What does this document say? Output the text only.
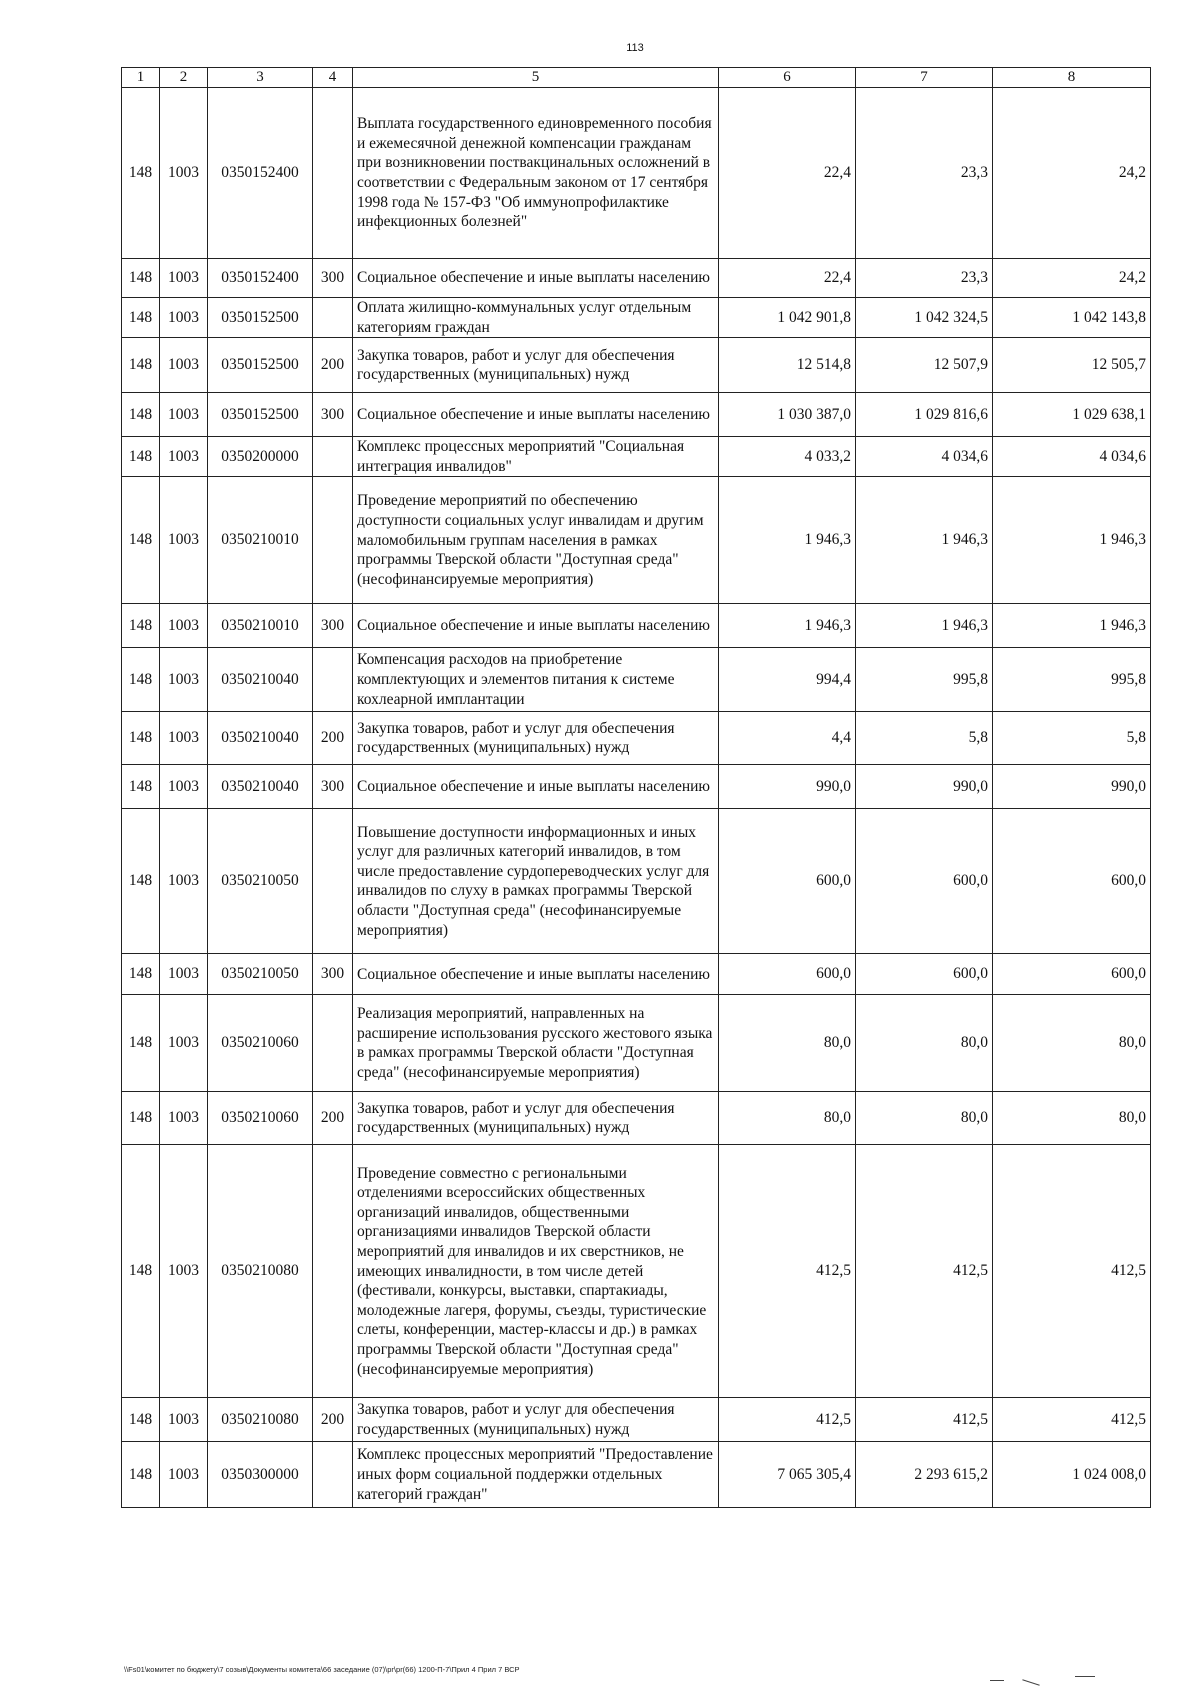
113
1	2	3	4	5	6	7	8
148	1003	0350152400		Выплата государственного единовременного пособия и ежемесячной денежной компенсации гражданам при возникновении поствакцинальных осложнений в соответствии с Федеральным законом от 17 сентября 1998 года № 157-ФЗ "Об иммунопрофилактике инфекционных болезней"	22,4	23,3	24,2
148	1003	0350152400	300	Социальное обеспечение и иные выплаты населению	22,4	23,3	24,2
148	1003	0350152500		Оплата жилищно-коммунальных услуг отдельным категориям граждан	1 042 901,8	1 042 324,5	1 042 143,8
148	1003	0350152500	200	Закупка товаров, работ и услуг для обеспечения государственных (муниципальных) нужд	12 514,8	12 507,9	12 505,7
148	1003	0350152500	300	Социальное обеспечение и иные выплаты населению	1 030 387,0	1 029 816,6	1 029 638,1
148	1003	0350200000		Комплекс процессных мероприятий "Социальная интеграция инвалидов"	4 033,2	4 034,6	4 034,6
148	1003	0350210010		Проведение мероприятий по обеспечению доступности социальных услуг инвалидам и другим маломобильным группам населения в рамках программы Тверской области "Доступная среда" (несофинансируемые мероприятия)	1 946,3	1 946,3	1 946,3
148	1003	0350210010	300	Социальное обеспечение и иные выплаты населению	1 946,3	1 946,3	1 946,3
148	1003	0350210040		Компенсация расходов на приобретение комплектующих и элементов питания к системе кохлеарной имплантации	994,4	995,8	995,8
148	1003	0350210040	200	Закупка товаров, работ и услуг для обеспечения государственных (муниципальных) нужд	4,4	5,8	5,8
148	1003	0350210040	300	Социальное обеспечение и иные выплаты населению	990,0	990,0	990,0
148	1003	0350210050		Повышение доступности информационных и иных услуг для различных категорий инвалидов, в том числе предоставление сурдопереводческих услуг для инвалидов по слуху в рамках программы Тверской области "Доступная среда" (несофинансируемые мероприятия)	600,0	600,0	600,0
148	1003	0350210050	300	Социальное обеспечение и иные выплаты населению	600,0	600,0	600,0
148	1003	0350210060		Реализация мероприятий, направленных на расширение использования русского жестового языка в рамках программы Тверской области "Доступная среда" (несофинансируемые мероприятия)	80,0	80,0	80,0
148	1003	0350210060	200	Закупка товаров, работ и услуг для обеспечения государственных (муниципальных) нужд	80,0	80,0	80,0
148	1003	0350210080		Проведение совместно с региональными отделениями всероссийских общественных организаций инвалидов, общественными организациями инвалидов Тверской области мероприятий для инвалидов и их сверстников, не имеющих инвалидности, в том числе детей (фестивали, конкурсы, выставки, спартакиады, молодежные лагеря, форумы, съезды, туристические слеты, конференции, мастер-классы и др.) в рамках программы Тверской области "Доступная среда" (несофинансируемые мероприятия)	412,5	412,5	412,5
148	1003	0350210080	200	Закупка товаров, работ и услуг для обеспечения государственных (муниципальных) нужд	412,5	412,5	412,5
148	1003	0350300000		Комплекс процессных мероприятий "Предоставление иных форм социальной поддержки отдельных категорий граждан"	7 065 305,4	2 293 615,2	1 024 008,0
\\Fs01\комитет по бюджету\7 созыв\Документы комитета\66 заседание (07)\pr\pr(66) 1200-П-7\Прил 4 Прил 7 ВСР
